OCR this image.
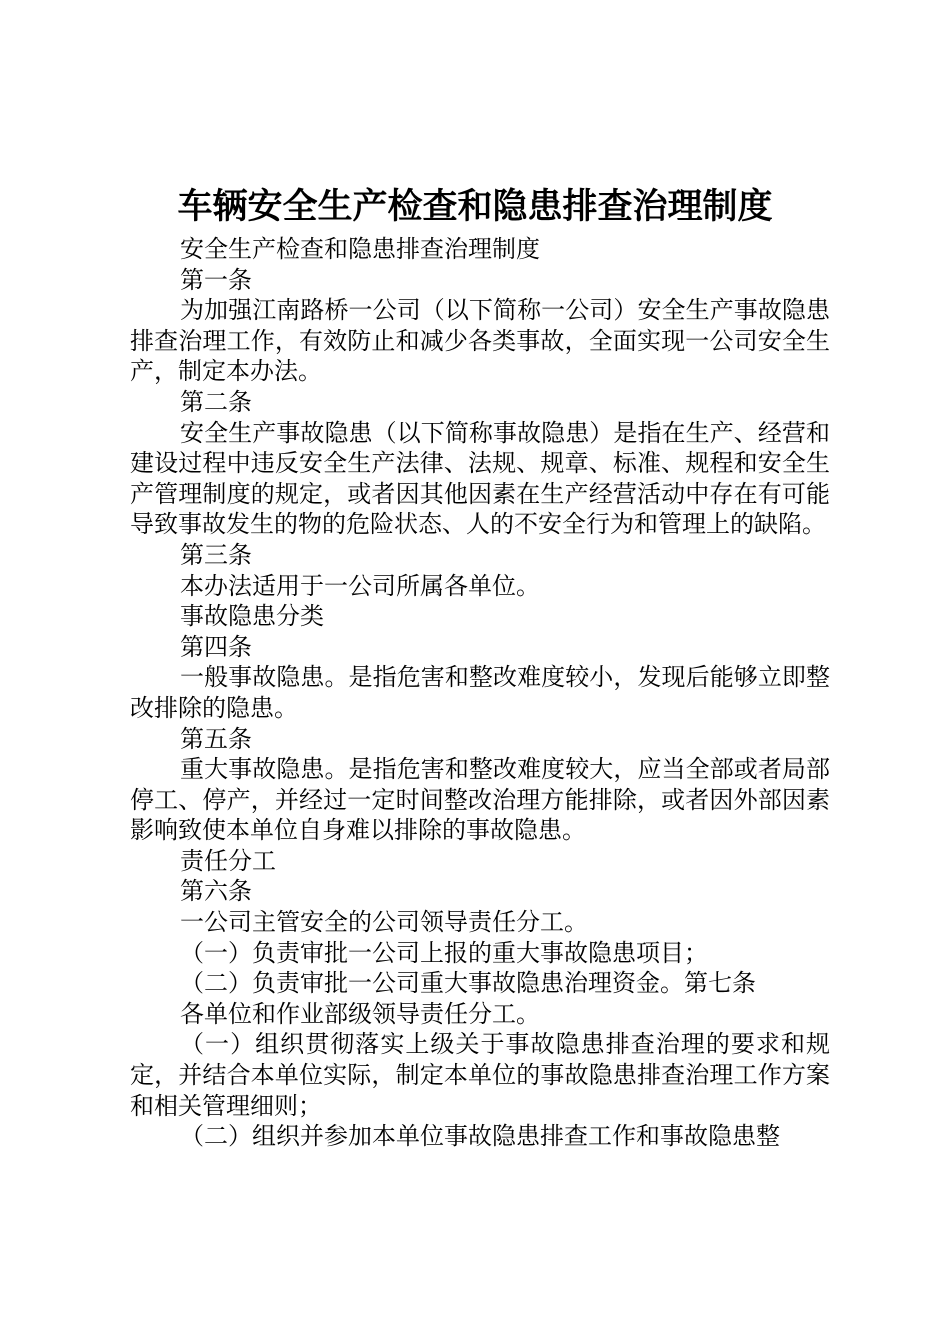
车辆安全生产检查和隐患排查治理制度

安全生产检查和隐患排查治理制度

第一条

为加强江南路桥一公司（以下简称一公司）安全生产事故隐患排查治理工作，有效防止和减少各类事故，全面实现一公司安全生产，制定本办法。

第二条

安全生产事故隐患（以下简称事故隐患）是指在生产、经营和建设过程中违反安全生产法律、法规、规章、标准、规程和安全生产管理制度的规定，或者因其他因素在生产经营活动中存在有可能导致事故发生的物的危险状态、人的不安全行为和管理上的缺陷。

第三条

本办法适用于一公司所属各单位。

事故隐患分类

第四条

一般事故隐患。是指危害和整改难度较小，发现后能够立即整改排除的隐患。

第五条

重大事故隐患。是指危害和整改难度较大，应当全部或者局部停工、停产，并经过一定时间整改治理方能排除，或者因外部因素影响致使本单位自身难以排除的事故隐患。

责任分工

第六条

一公司主管安全的公司领导责任分工。

（一）负责审批一公司上报的重大事故隐患项目；

（二）负责审批一公司重大事故隐患治理资金。第七条

各单位和作业部级领导责任分工。

（一）组织贯彻落实上级关于事故隐患排查治理的要求和规定，并结合本单位实际，制定本单位的事故隐患排查治理工作方案和相关管理细则；

（二）组织并参加本单位事故隐患排查工作和事故隐患整
